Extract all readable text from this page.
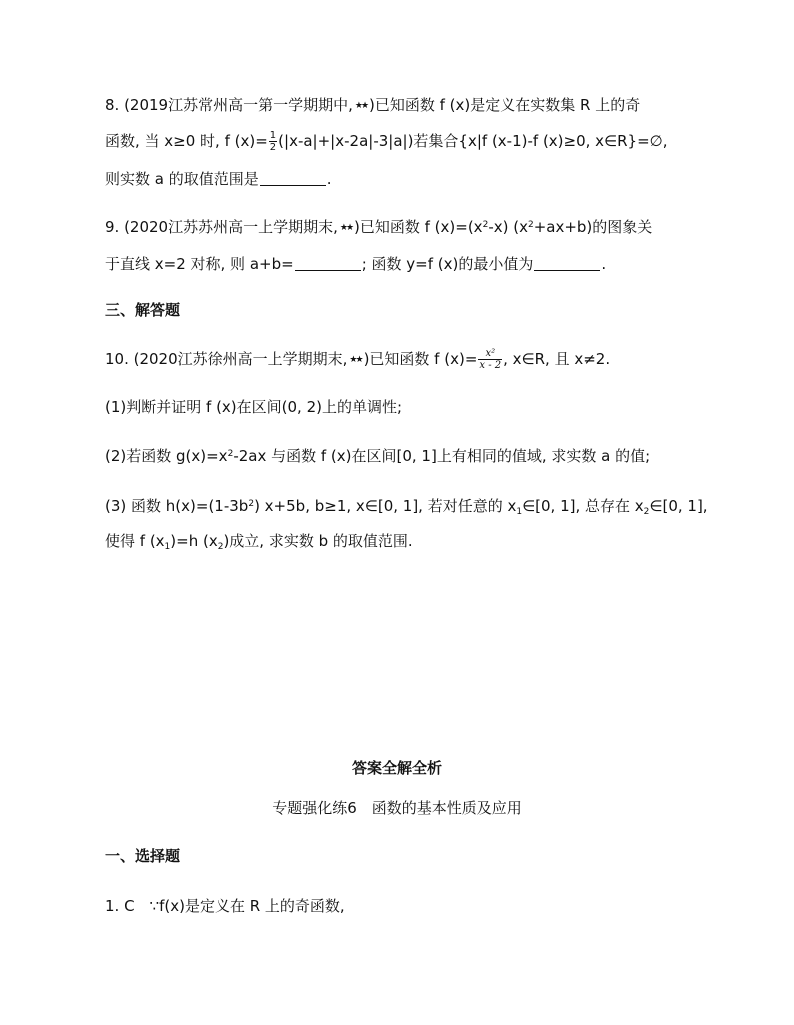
8. (2019江苏常州高一第一学期期中, ★★ )已知函数 f (x)是定义在实数集 R 上的奇
函数, 当 x≥0 时, f $(x)= \frac{1}{2} (|x-a|+|x-2a|-3|a|)$若集合{x|f (x-1)-f (x)≥0, x∈R}=∅,
则实数 a 的取值范围是	.
9. (2020江苏苏州高一上学期期末, ★★ )已知函数 f $(x)=(x^2-x)$ $(x^2+ax+b)$的图象关
于直线 x=2 对称, 则 a+b=	; 函数 y=f (x)的最小值为	.
三、解答题
10. (2020江苏徐州高一上学期期末, ★★ )已知函数 f $(x)= \frac{\text{x²}}{x - 2}$ , x∈R, 且 x≠2.
(1)判断并证明 f (x)在区间(0, 2)上的单调性;
(2)若函数 $g(x)=x^2-2ax$ 与函数 f (x)在区间[0, 1]上有相同的值域, 求实数 a 的值;
(3) 函数 $h(x)=(1-3b^2)$ x+5b, b≥1, x∈[0, 1], 若对任意的 $x_1\in[0$, 1], 总存在 $x_2\in[0$, 1],
使得 f $(x_1)=h$ $(x_2)$成立, 求实数 b 的取值范围.
答案全解全析
专题强化练6　函数的基本性质及应用
一、选择题
1. C　∵f(x)是定义在 R 上的奇函数,
